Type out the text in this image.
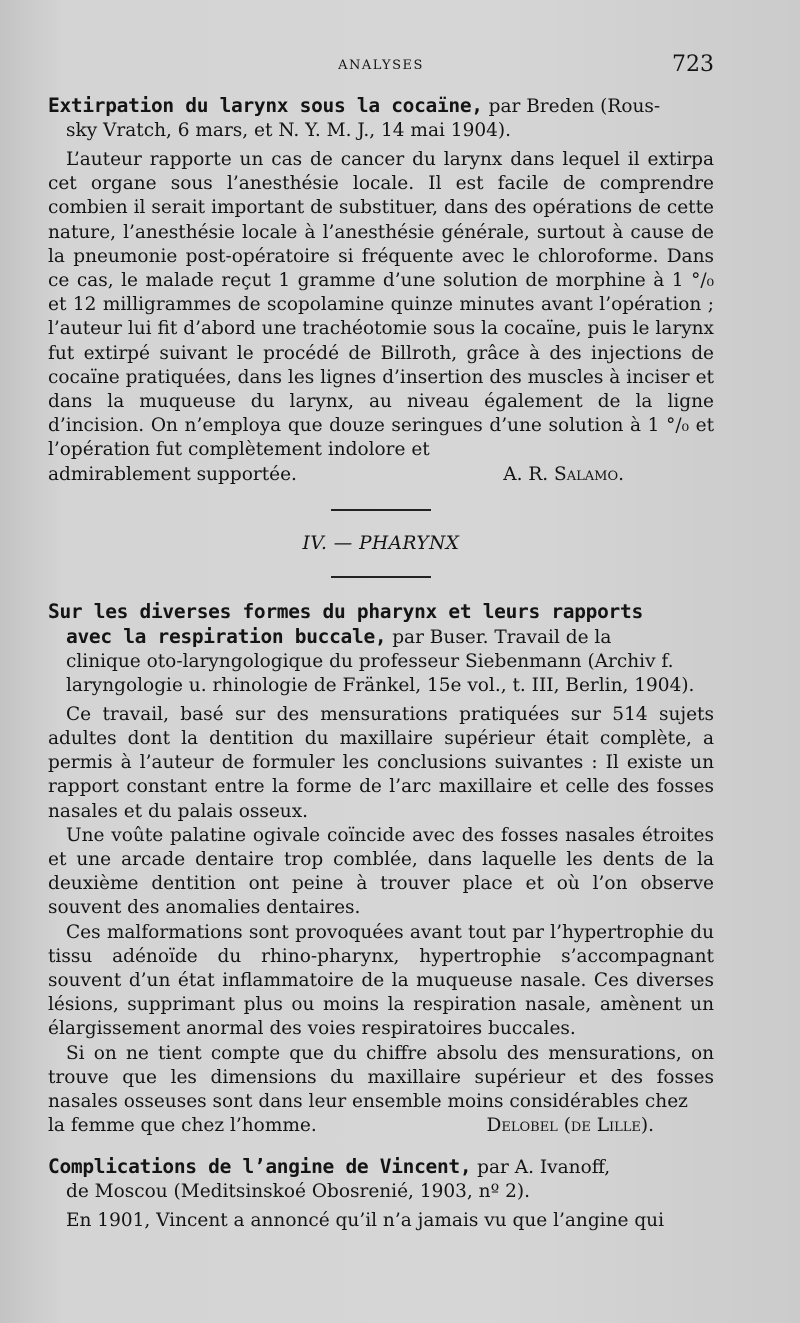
ANALYSES	723

Extirpation du larynx sous la cocaïne, par Breden (Rous-

sky Vratch, 6 mars, et N. Y. M. J., 14 mai 1904).

L’auteur rapporte un cas de cancer du larynx dans lequel il extirpa cet organe sous l’anesthésie locale. Il est facile de comprendre combien il serait important de substituer, dans des opérations de cette nature, l’anesthésie locale à l’anesthésie générale, surtout à cause de la pneumonie post-opératoire si fréquente avec le chloroforme. Dans ce cas, le malade reçut 1 gramme d’une solution de morphine à 1 °/₀ et 12 milligrammes de scopolamine quinze minutes avant l’opération ; l’auteur lui fit d’abord une trachéotomie sous la cocaïne, puis le larynx fut extirpé suivant le procédé de Billroth, grâce à des injections de cocaïne pratiquées, dans les lignes d’insertion des muscles à inciser et dans la muqueuse du larynx, au niveau également de la ligne d’incision. On n’employa que douze seringues d’une solution à 1 °/₀ et l’opération fut complètement indolore et

admirablement supportée.	A. R. Salamo.
IV. — PHARYNX

Sur les diverses formes du pharynx et leurs rapports

avec la respiration buccale, par Buser. Travail de la

clinique oto-laryngologique du professeur Siebenmann (Archiv f.

laryngologie u. rhinologie de Fränkel, 15e vol., t. III, Berlin, 1904).

Ce travail, basé sur des mensurations pratiquées sur 514 sujets adultes dont la dentition du maxillaire supérieur était complète, a permis à l’auteur de formuler les conclusions suivantes : Il existe un rapport constant entre la forme de l’arc maxillaire et celle des fosses nasales et du palais osseux.

Une voûte palatine ogivale coïncide avec des fosses nasales étroites et une arcade dentaire trop comblée, dans laquelle les dents de la deuxième dentition ont peine à trouver place et où l’on observe souvent des anomalies dentaires.

Ces malformations sont provoquées avant tout par l’hypertrophie du tissu adénoïde du rhino-pharynx, hypertrophie s’accompagnant souvent d’un état inflammatoire de la muqueuse nasale. Ces diverses lésions, supprimant plus ou moins la respiration nasale, amènent un élargissement anormal des voies respiratoires buccales.

Si on ne tient compte que du chiffre absolu des mensurations, on trouve que les dimensions du maxillaire supérieur et des fosses nasales osseuses sont dans leur ensemble moins considérables chez

la femme que chez l’homme.	Delobel (de Lille).

Complications de l’angine de Vincent, par A. Ivanoff,

de Moscou (Meditsinskoé Obosrenié, 1903, nº 2).

En 1901, Vincent a annoncé qu’il n’a jamais vu que l’angine qui
